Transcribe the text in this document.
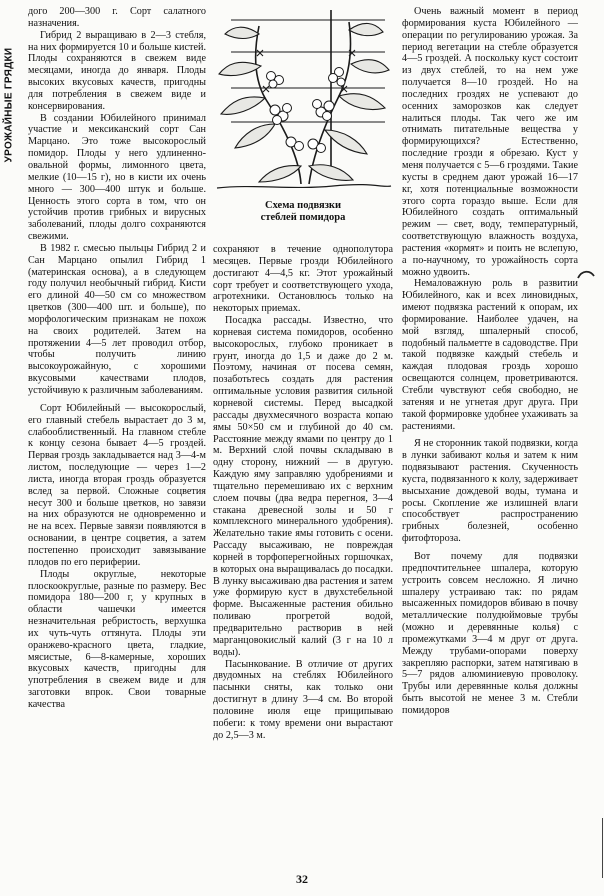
УРОЖАЙНЫЕ ГРЯДКИ

дого 200—300 г. Сорт салатного назначения.

Гибрид 2 выращиваю в 2—3 стебля, на них формируется 10 и больше кистей. Плоды сохраняются в свежем виде месяцами, иногда до января. Плоды высоких вкусовых качеств, пригодны для потребления в свежем виде и консервирования.

В создании Юбилейного принимал участие и мексиканский сорт Сан Марцано. Это тоже высокорослый помидор. Плоды у него удлиненно-овальной формы, лимонного цвета, мелкие (10—15 г), но в кисти их очень много — 300—400 штук и больше. Ценность этого сорта в том, что он устойчив против грибных и вирусных заболеваний, плоды долго сохраняются свежими.

В 1982 г. смесью пыльцы Гибрид 2 и Сан Марцано опылил Гибрид 1 (материнская основа), а в следующем году получил необычный гибрид. Кисти его длиной 40—50 см со множеством цветков (300—400 шт. и больше), по морфологическим признакам не похож на своих родителей. Затем на протяжении 4—5 лет проводил отбор, чтобы получить линию высокоурожайную, с хорошими вкусовыми качествами плодов, устойчивую к различным заболеваниям.

Сорт Юбилейный — высокорослый, его главный стебель вырастает до 3 м, слабооблиственный. На главном стебле к концу сезона бывает 4—5 гроздей. Первая гроздь закладывается над 3—4-м листом, последующие — через 1—2 листа, иногда вторая гроздь образуется вслед за первой. Сложные соцветия несут 300 и больше цветков, но завязи на них образуются не одновременно и не на всех. Первые завязи появляются в основании, в центре соцветия, а затем постепенно происходит завязывание плодов по его периферии.

Плоды округлые, некоторые плоскоокруглые, разные по размеру. Вес помидора 180—200 г, у крупных в области чашечки имеется незначительная ребристость, верхушка их чуть-чуть оттянута. Плоды эти оранжево-красного цвета, гладкие, мясистые, 6—8-камерные, хороших вкусовых качеств, пригодны для употребления в свежем виде и для заготовки впрок. Свои товарные качества

Схема подвязки
стеблей помидора

сохраняют в течение однополутора месяцев. Первые грозди Юбилейного достигают 4—4,5 кг. Этот урожайный сорт требует и соответствующего ухода, агротехники. Остановлюсь только на некоторых приемах.

Посадка рассады. Известно, что корневая система помидоров, особенно высокорослых, глубоко проникает в грунт, иногда до 1,5 и даже до 2 м. Поэтому, начиная от посева семян, позаботьтесь создать для растения оптимальные условия развития сильной корневой системы. Перед высадкой рассады двухмесячного возраста копаю ямы 50×50 см и глубиной до 40 см. Расстояние между ямами по центру до 1 м. Верхний слой почвы складываю в одну сторону, нижний — в другую. Каждую яму заправляю удобрениями и тщательно перемешиваю их с верхним слоем почвы (два ведра перегноя, 3—4 стакана древесной золы и 50 г комплексного минерального удобрения). Желательно такие ямы готовить с осени. Рассаду высаживаю, не повреждая корней в торфоперегнойных горшочках, в которых она выращивалась до посадки. В лунку высаживаю два растения и затем уже формирую куст в двухстебельной форме. Высаженные растения обильно поливаю прогретой водой, предварительно растворив в ней марганцовокислый калий (3 г на 10 л воды).

Пасынкование. В отличие от других двудомных на стеблях Юбилейного пасынки сняты, как только они достигнут в длину 3—4 см. Во второй половине июля еще прищипываю побеги: к тому времени они вырастают до 2,5—3 м.

Очень важный момент в период формирования куста Юбилейного — операции по регулированию урожая. За период вегетации на стебле образуется 4—5 гроздей. А поскольку куст состоит из двух стеблей, то на нем уже получается 8—10 гроздей. Но на последних гроздях не успевают до осенних заморозков как следует налиться плоды. Так чего же им отнимать питательные вещества у формирующихся? Естественно, последние грозди я обрезаю. Куст у меня получается с 5—6 гроздями. Такие кусты в среднем дают урожай 16—17 кг, хотя потенциальные возможности этого сорта гораздо выше. Если для Юбилейного создать оптимальный режим — свет, воду, температурный, соответствующую влажность воздуха, растения «кормят» и поить не вслепую, а по-научному, то урожайность сорта можно удвоить.

Немаловажную роль в развитии Юбилейного, как и всех линовидных, имеют подвязка растений к опорам, их формирование. Наиболее удачен, на мой взгляд, шпалерный способ, подобный пальметте в садоводстве. При такой подвязке каждый стебель и каждая плодовая гроздь хорошо освещаются солнцем, проветриваются. Стебли чувствуют себя свободно, не затеняя и не угнетая друг друга. При такой формировке удобнее ухаживать за растениями.

Я не сторонник такой подвязки, когда в лунки забивают колья и затем к ним подвязывают растения. Скученность куста, подвязанного к колу, задерживает высыхание дождевой воды, тумана и росы. Скопление же излишней влаги способствует распространению грибных болезней, особенно фитофтороза.

Вот почему для подвязки предпочтительнее шпалера, которую устроить совсем несложно. Я лично шпалеру устраиваю так: по рядам высаженных помидоров вбиваю в почву металлические полудюймовые трубы (можно и деревянные колья) с промежутками 3—4 м друг от друга. Между трубами-опорами поверху закрепляю распорки, затем натягиваю в 5—7 рядов алюминиевую проволоку. Трубы или деревянные колья должны быть высотой не менее 3 м. Стебли помидоров

32
